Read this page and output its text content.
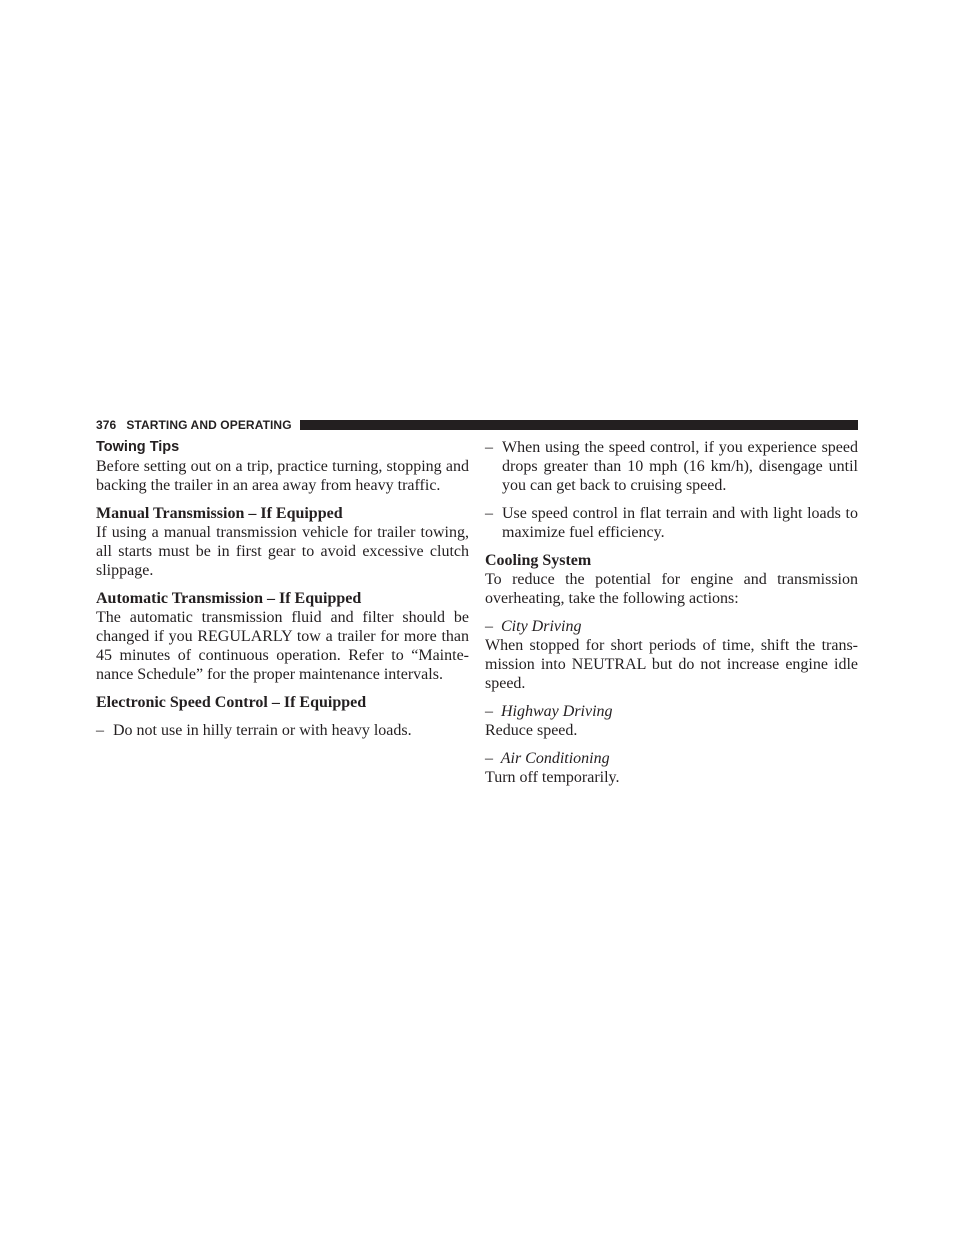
376 STARTING AND OPERATING
Towing Tips

Before setting out on a trip, practice turning, stopping and backing the trailer in an area away from heavy traffic.

Manual Transmission – If Equipped

If using a manual transmission vehicle for trailer towing, all starts must be in first gear to avoid excessive clutch slippage.

Automatic Transmission – If Equipped

The automatic transmission fluid and filter should be changed if you REGULARLY tow a trailer for more than 45 minutes of continuous operation. Refer to “Mainte-nance Schedule” for the proper maintenance intervals.

Electronic Speed Control – If Equipped
– Do not use in hilly terrain or with heavy loads.
– When using the speed control, if you experience speed drops greater than 10 mph (16 km/h), disengage until you can get back to cruising speed.
– Use speed control in flat terrain and with light loads to maximize fuel efficiency.
Cooling System

To reduce the potential for engine and transmission overheating, take the following actions:

– City Driving

When stopped for short periods of time, shift the trans-mission into NEUTRAL but do not increase engine idle speed.

– Highway Driving

Reduce speed.

– Air Conditioning

Turn off temporarily.
